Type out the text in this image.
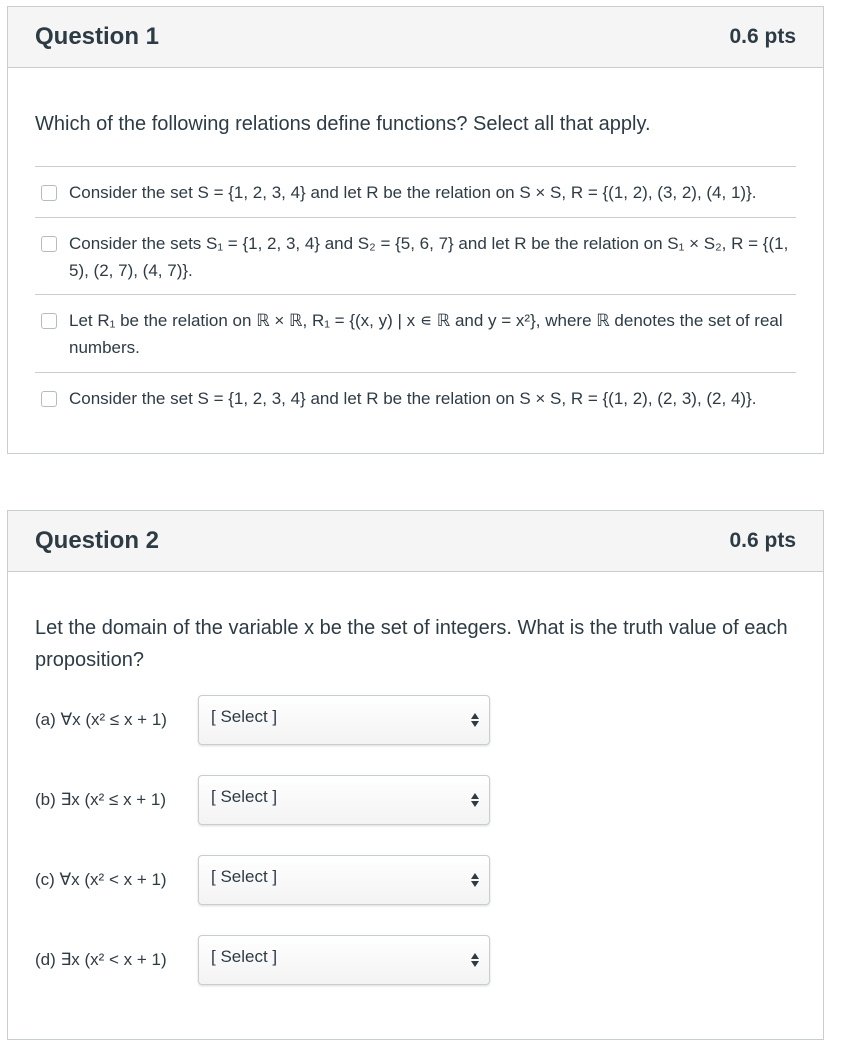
Question 1	0.6 pts
Which of the following relations define functions? Select all that apply.
Consider the set S = {1, 2, 3, 4} and let R be the relation on S × S, R = {(1, 2), (3, 2), (4, 1)}.
Consider the sets S₁ = {1, 2, 3, 4} and S₂ = {5, 6, 7} and let R be the relation on S₁ × S₂, R = {(1, 5), (2, 7), (4, 7)}.
Let R₁ be the relation on ℝ × ℝ, R₁ = {(x, y) | x ∊ ℝ and y = x²}, where ℝ denotes the set of real numbers.
Consider the set S = {1, 2, 3, 4} and let R be the relation on S × S, R = {(1, 2), (2, 3), (2, 4)}.
Question 2	0.6 pts
Let the domain of the variable x be the set of integers. What is the truth value of each proposition?
(a) ∀x (x² ≤ x + 1)	[ Select ]
(b) ∃x (x² ≤ x + 1)	[ Select ]
(c) ∀x (x² < x + 1)	[ Select ]
(d) ∃x (x² < x + 1)	[ Select ]
